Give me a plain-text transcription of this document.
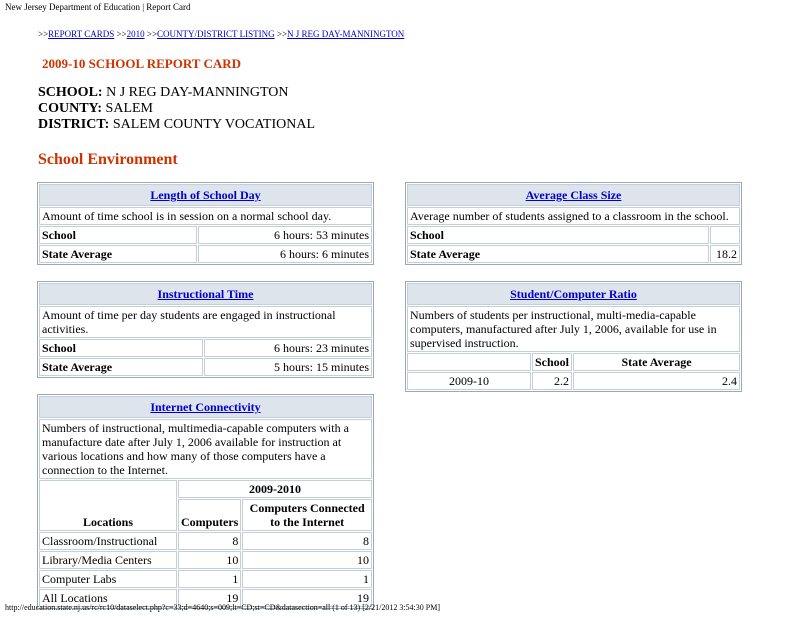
New Jersey Department of Education | Report Card
>>REPORT CARDS >>2010 >>COUNTY/DISTRICT LISTING >>N J REG DAY-MANNINGTON
2009-10 SCHOOL REPORT CARD
SCHOOL: N J REG DAY-MANNINGTON
COUNTY: SALEM
DISTRICT: SALEM COUNTY VOCATIONAL
School Environment
Length of School Day	
Amount of time school is in session on a normal school day.	
School	6 hours: 53 minutes
State Average	6 hours: 6 minutes
Average Class Size	
Average number of students assigned to a classroom in the school.	
School	
State Average	18.2
Instructional Time	
Amount of time per day students are engaged in instructional activities.	
School	6 hours: 23 minutes
State Average	5 hours: 15 minutes
Student/Computer Ratio		
Numbers of students per instructional, multi-media-capable computers, manufactured after July 1, 2006, available for use in supervised instruction.		
	School	State Average
2009-10	2.2	2.4
Internet Connectivity		
Numbers of instructional, multimedia-capable computers with a manufacture date after July 1, 2006 available for instruction at various locations and how many of those computers have a connection to the Internet.		
Locations	2009-2010	
	Computers	Computers Connected to the Internet
Classroom/Instructional	8	8
Library/Media Centers	10	10
Computer Labs	1	1
All Locations	19	19
http://education.state.nj.us/rc/rc10/dataselect.php?c=33;d=4640;s=009;lt=CD;st=CD&datasection=all (1 of 13) [2/21/2012 3:54:30 PM]
